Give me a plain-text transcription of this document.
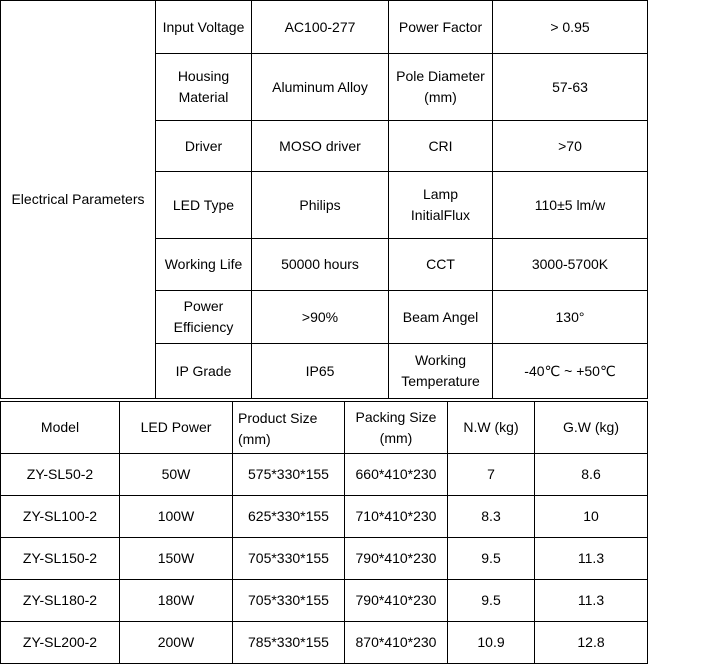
Electrical Parameters	Input Voltage	AC100-277	Power Factor	> 0.95
	Housing Material	Aluminum Alloy	Pole Diameter (mm)	57-63
	Driver	MOSO driver	CRI	>70
	LED Type	Philips	Lamp InitialFlux	110±5 lm/w
	Working Life	50000 hours	CCT	3000-5700K
	Power Efficiency	>90%	Beam Angel	130°
	IP Grade	IP65	Working Temperature	-40℃ ~ +50℃
Model	LED Power	Product Size (mm)	Packing Size (mm)	N.W (kg)	G.W (kg)
ZY-SL50-2	50W	575*330*155	660*410*230	7	8.6
ZY-SL100-2	100W	625*330*155	710*410*230	8.3	10
ZY-SL150-2	150W	705*330*155	790*410*230	9.5	11.3
ZY-SL180-2	180W	705*330*155	790*410*230	9.5	11.3
ZY-SL200-2	200W	785*330*155	870*410*230	10.9	12.8
